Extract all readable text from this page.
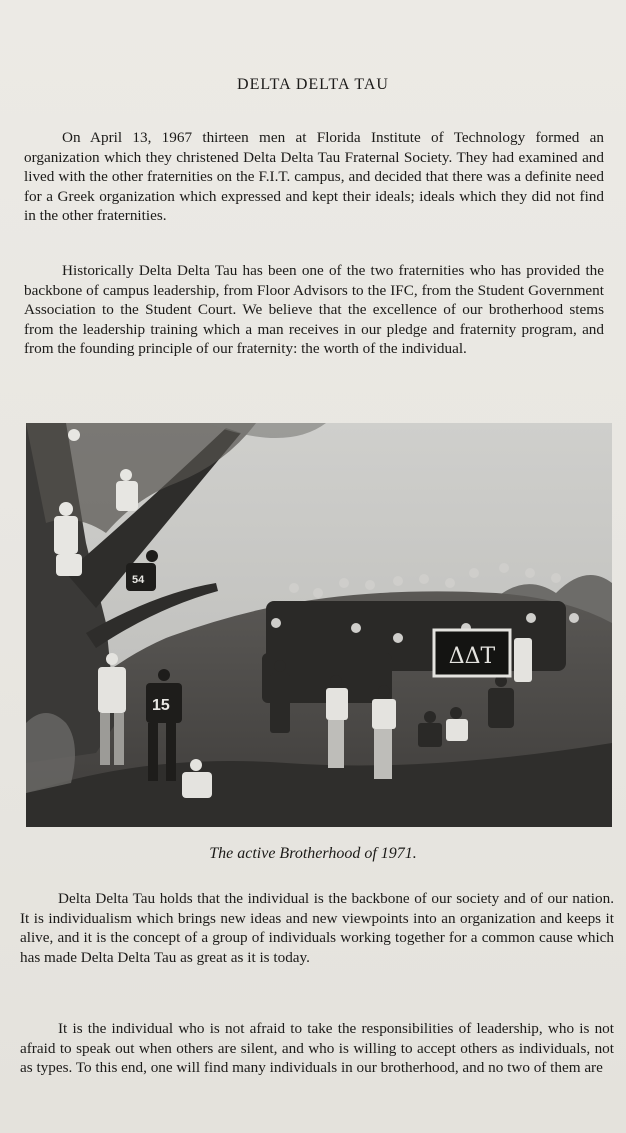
DELTA DELTA TAU

On April 13, 1967 thirteen men at Florida Institute of Technology formed an organization which they christened Delta Delta Tau Fraternal Society. They had examined and lived with the other fraternities on the F.I.T. campus, and decided that there was a definite need for a Greek organization which expressed and kept their ideals; ideals which they did not find in the other fraternities.

Historically Delta Delta Tau has been one of the two fraternities who has provided the backbone of campus leadership, from Floor Advisors to the IFC, from the Student Government Association to the Student Court. We believe that the excellence of our brotherhood stems from the leadership training which a man receives in our pledge and fraternity program, and from the founding principle of our fraternity: the worth of the individual.

54
ΔΔΤ
15
The active Brotherhood of 1971.

Delta Delta Tau holds that the individual is the backbone of our society and of our nation. It is individualism which brings new ideas and new viewpoints into an organization and keeps it alive, and it is the concept of a group of individuals working together for a common cause which has made Delta Delta Tau as great as it is today.

It is the individual who is not afraid to take the responsibilities of leadership, who is not afraid to speak out when others are silent, and who is willing to accept others as individuals, not as types. To this end, one will find many individuals in our brotherhood, and no two of them are
